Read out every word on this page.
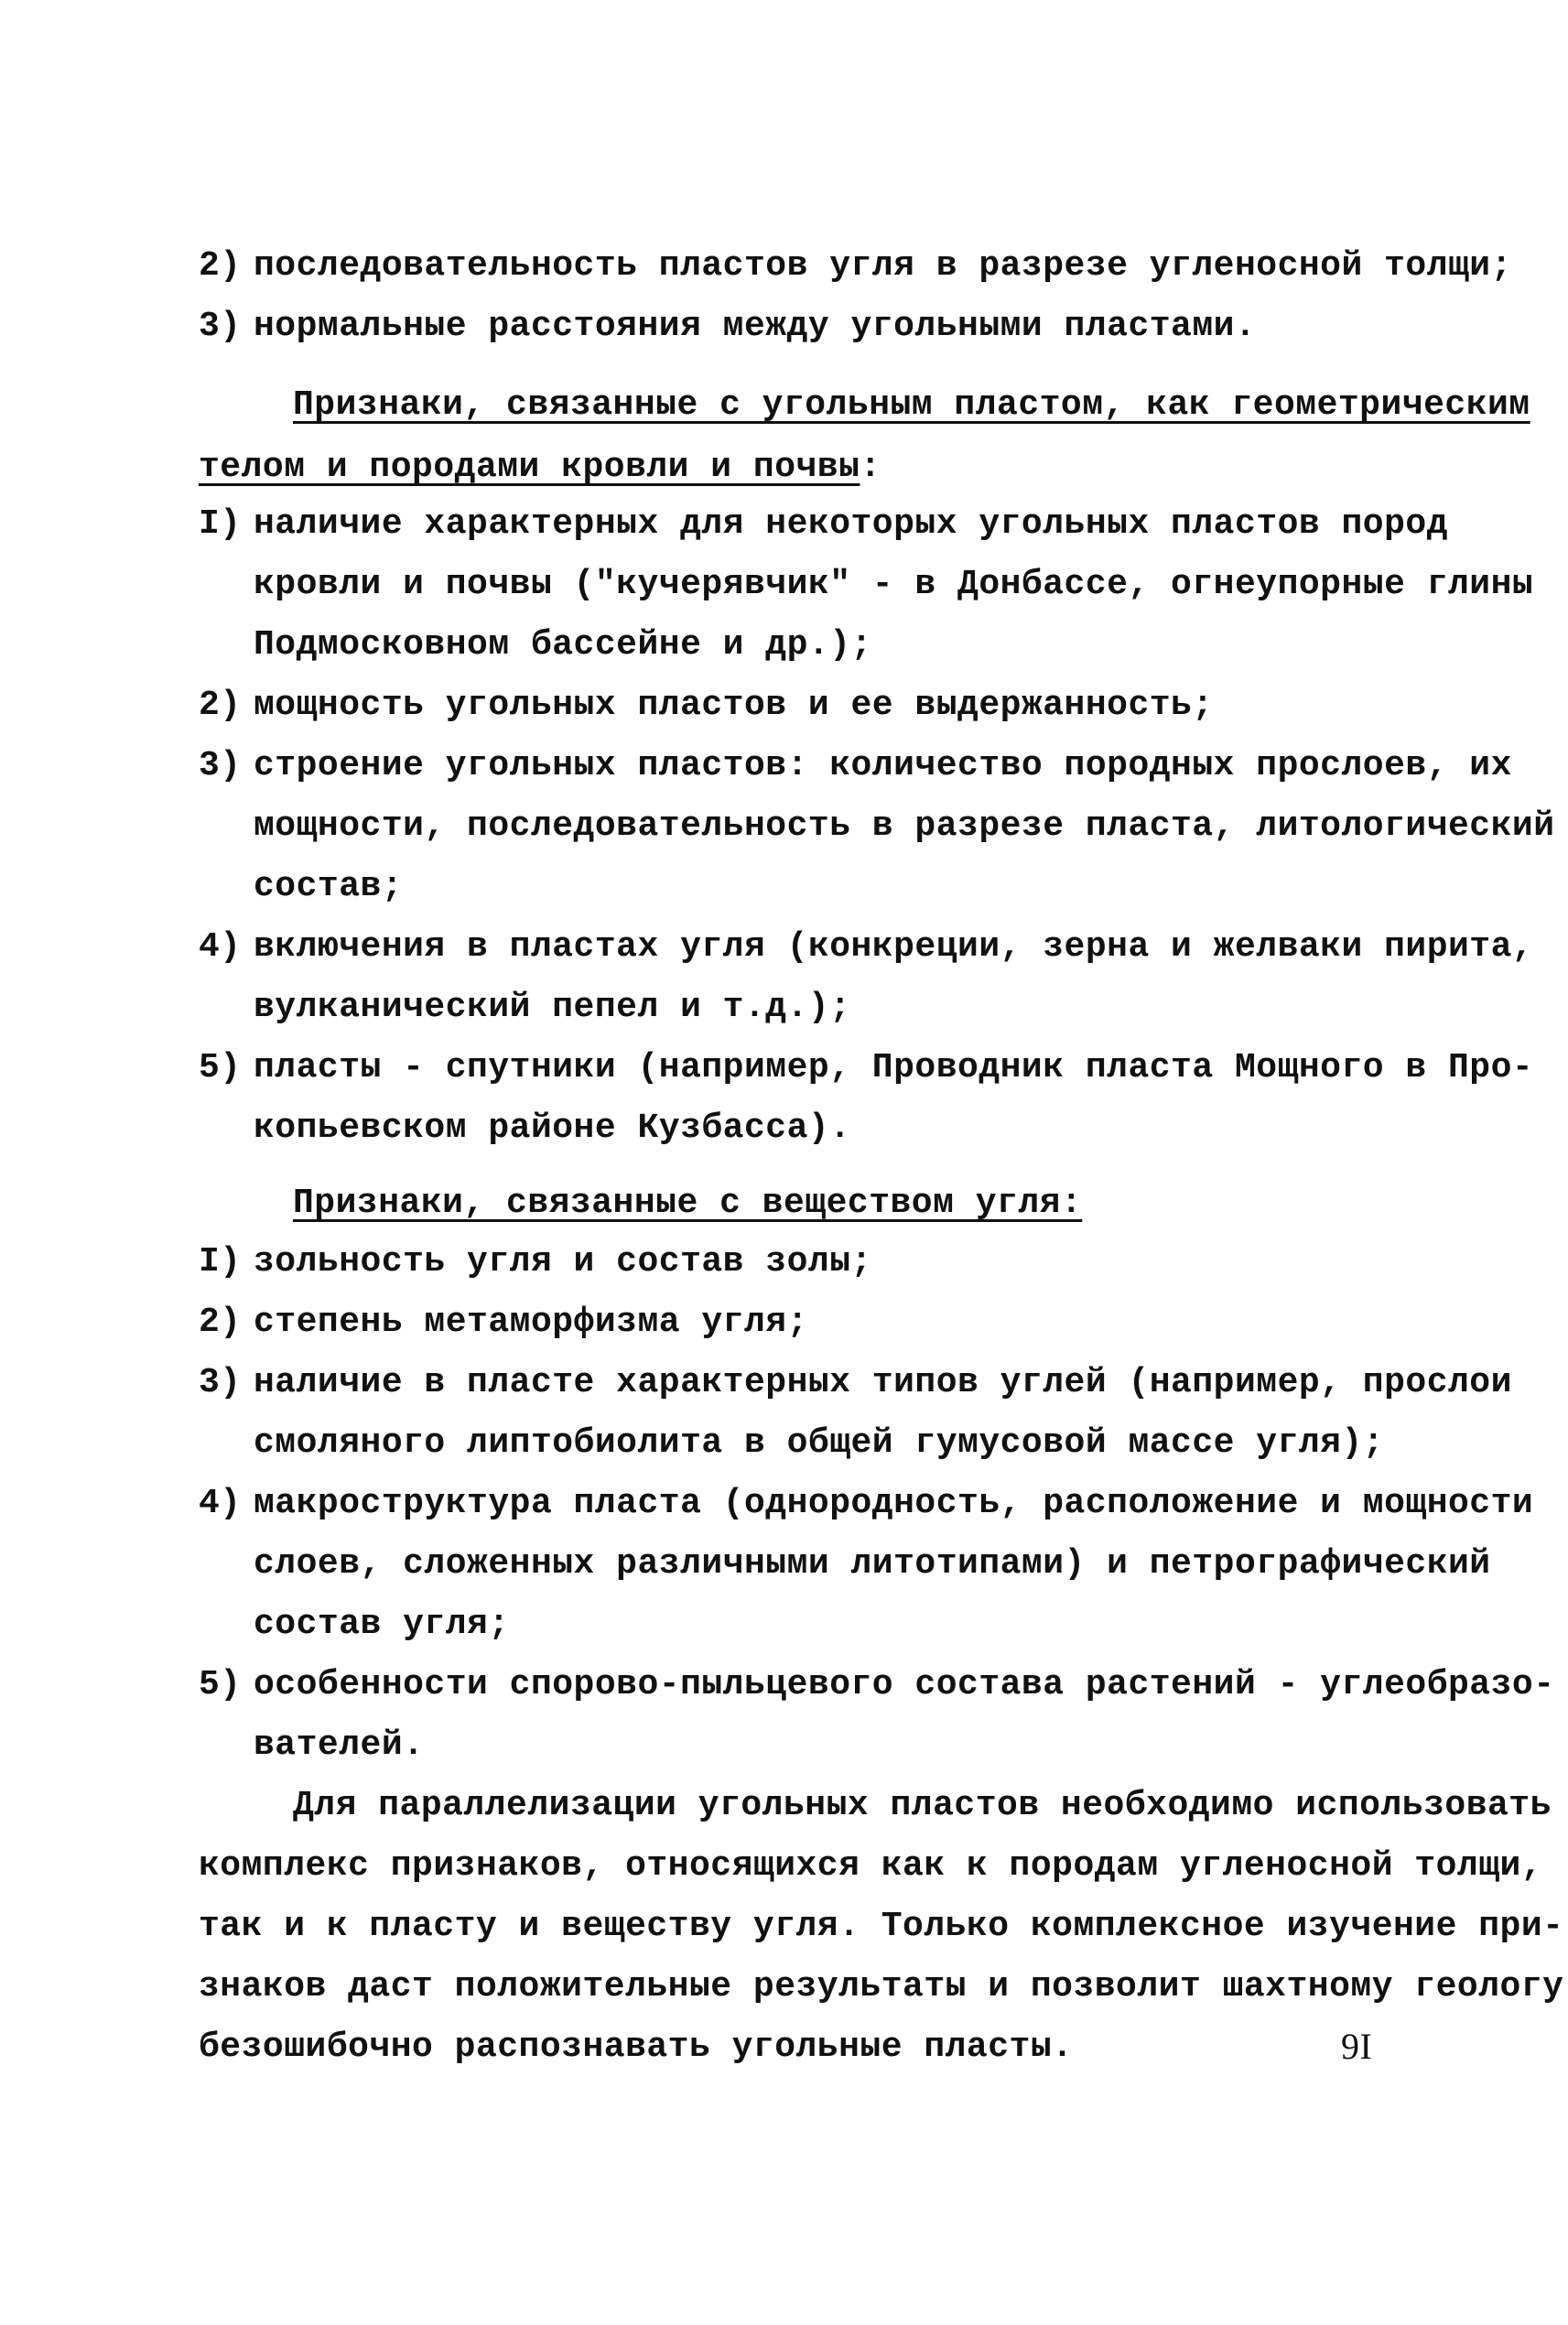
2) последовательность пластов угля в разрезе угленосной толщи;
3) нормальные расстояния между угольными пластами.
Признаки, связанные с угольным пластом, как геометрическим
телом и породами кровли и почвы:
I) наличие характерных для некоторых угольных пластов пород
кровли и почвы ("кучерявчик" - в Донбассе, огнеупорные глины
Подмосковном бассейне и др.);
2) мощность угольных пластов и ее выдержанность;
3) строение угольных пластов: количество породных прослоев, их
мощности, последовательность в разрезе пласта, литологический
состав;
4) включения в пластах угля (конкреции, зерна и желваки пирита,
вулканический пепел и т.д.);
5) пласты - спутники (например, Проводник пласта Мощного в Про-
копьевском районе Кузбасса).
Признаки, связанные с веществом угля:
I) зольность угля и состав золы;
2) степень метаморфизма угля;
3) наличие в пласте характерных типов углей (например, прослои
смоляного липтобиолита в общей гумусовой массе угля);
4) макроструктура пласта (однородность, расположение и мощности
слоев, сложенных различными литотипами) и петрографический
состав угля;
5) особенности спорово-пыльцевого состава растений - углеобразо-
вателей.
Для параллелизации угольных пластов необходимо использовать
комплекс признаков, относящихся как к породам угленосной толщи,
так и к пласту и веществу угля. Только комплексное изучение при-
знаков даст положительные результаты и позволит шахтному геологу
безошибочно распознавать угольные пласты.	9I
